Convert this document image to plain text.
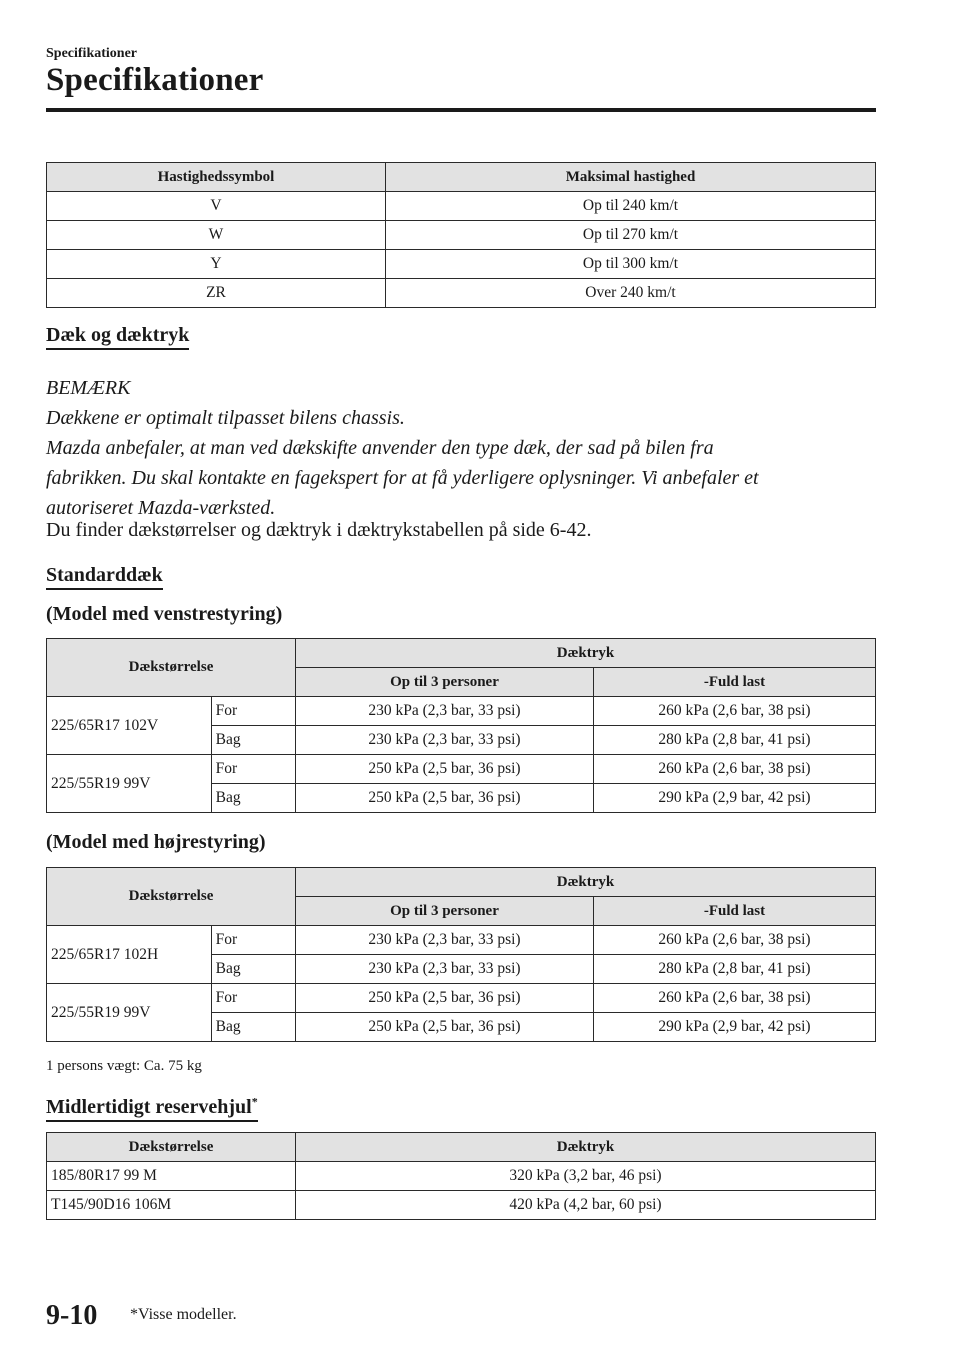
Specifikationer
Specifikationer
Hastighedssymbol	Maksimal hastighed
V	Op til 240 km/t
W	Op til 270 km/t
Y	Op til 300 km/t
ZR	Over 240 km/t
Dæk og dæktryk
BEMÆRK
Dækkene er optimalt tilpasset bilens chassis.
Mazda anbefaler, at man ved dækskifte anvender den type dæk, der sad på bilen fra
fabrikken. Du skal kontakte en fagekspert for at få yderligere oplysninger. Vi anbefaler et
autoriseret Mazda-værksted.
Du finder dækstørrelser og dæktryk i dæktrykstabellen på side 6-42.
Standarddæk
(Model med venstrestyring)
Dækstørrelse		Dæktryk	
		Op til 3 personer	-Fuld last
225/65R17 102V	For	230 kPa (2,3 bar, 33 psi)	260 kPa (2,6 bar, 38 psi)
	Bag	230 kPa (2,3 bar, 33 psi)	280 kPa (2,8 bar, 41 psi)
225/55R19 99V	For	250 kPa (2,5 bar, 36 psi)	260 kPa (2,6 bar, 38 psi)
	Bag	250 kPa (2,5 bar, 36 psi)	290 kPa (2,9 bar, 42 psi)
(Model med højrestyring)
Dækstørrelse		Dæktryk	
		Op til 3 personer	-Fuld last
225/65R17 102H	For	230 kPa (2,3 bar, 33 psi)	260 kPa (2,6 bar, 38 psi)
	Bag	230 kPa (2,3 bar, 33 psi)	280 kPa (2,8 bar, 41 psi)
225/55R19 99V	For	250 kPa (2,5 bar, 36 psi)	260 kPa (2,6 bar, 38 psi)
	Bag	250 kPa (2,5 bar, 36 psi)	290 kPa (2,9 bar, 42 psi)
1 persons vægt: Ca. 75 kg
Midlertidigt reservehjul*
Dækstørrelse	Dæktryk
185/80R17 99 M	320 kPa (3,2 bar, 46 psi)
T145/90D16 106M	420 kPa (4,2 bar, 60 psi)
9-10 *Visse modeller.
